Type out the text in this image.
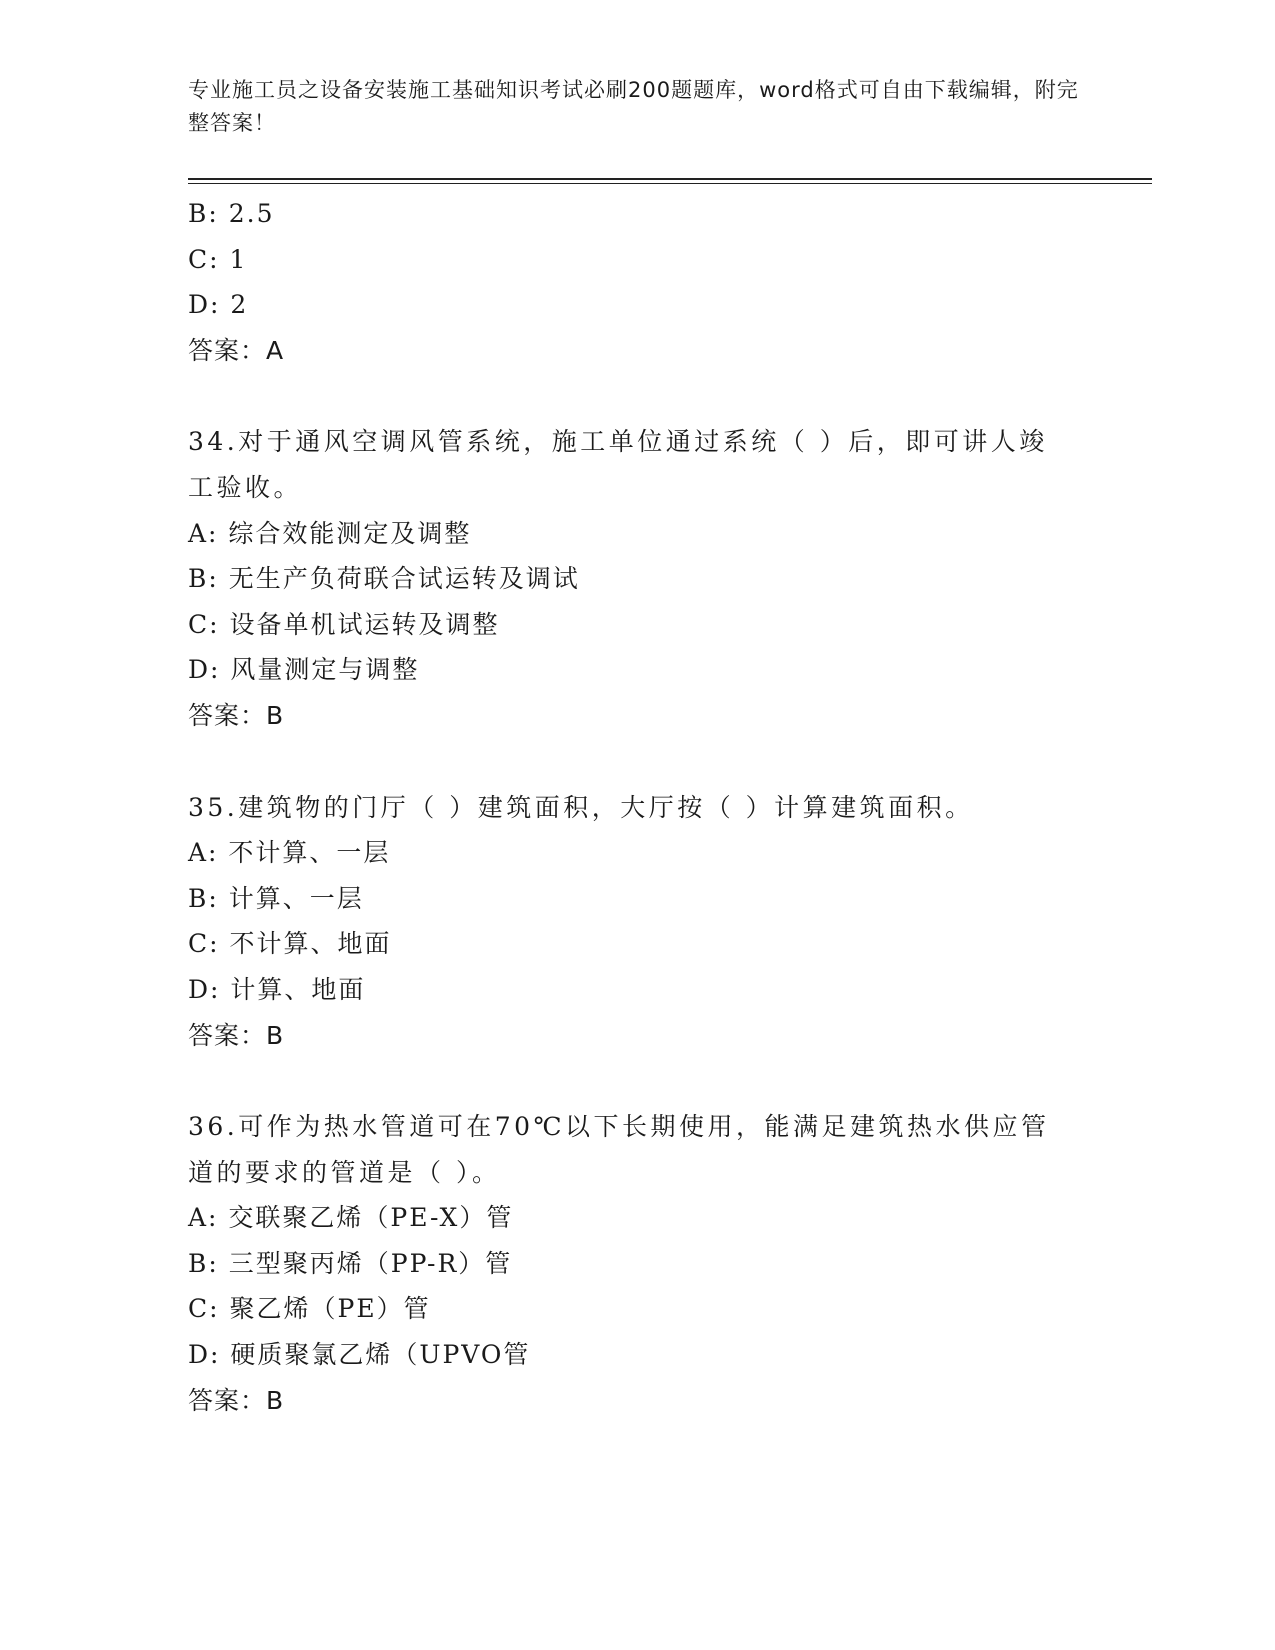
专业施工员之设备安装施工基础知识考试必刷200题题库，word格式可自由下载编辑，附完整答案！
B: 2.5
C: 1
D: 2
答案：A
34.对于通风空调风管系统，施工单位通过系统（ ）后，即可讲人竣工验收。
A: 综合效能测定及调整
B: 无生产负荷联合试运转及调试
C: 设备单机试运转及调整
D: 风量测定与调整
答案：B
35.建筑物的门厅（ ）建筑面积，大厅按（ ）计算建筑面积。
A: 不计算、一层
B: 计算、一层
C: 不计算、地面
D: 计算、地面
答案：B
36.可作为热水管道可在70℃以下长期使用，能满足建筑热水供应管道的要求的管道是（ ）。
A: 交联聚乙烯（PE-X）管
B: 三型聚丙烯（PP-R）管
C: 聚乙烯（PE）管
D: 硬质聚氯乙烯（UPVO管
答案：B
